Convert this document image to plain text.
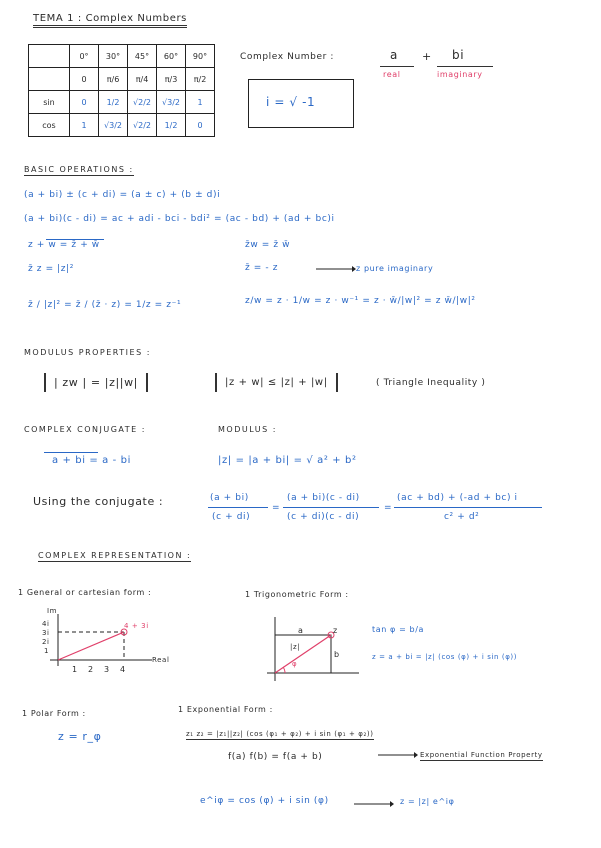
TEMA 1 : Complex Numbers
	0°	30°	45°	60°	90°
	0	π/6	π/4	π/3	π/2
sin	0	1/2	√2/2	√3/2	1
cos	1	√3/2	√2/2	1/2	0
Complex Number :	a + bi
real	imaginary
i = √ -1
BASIC OPERATIONS :
(a + bi) ± (c + di) = (a ± c) + (b ± d)i
(a + bi)(c - di) = ac + adi - bci - bdi² = (ac - bd) + (ad + bc)i
z + w = z̄ + w̄	z̄w = z̄ w̄
z̄ z = |z|²	z̄ = - z	z pure imaginary
z̄ / |z|² = z̄ / (z̄ · z) = 1/z = z⁻¹	z/w = z · 1/w = z · w⁻¹ = z · w̄/|w|² = z w̄/|w|²
MODULUS PROPERTIES :
| zw | = |z||w|	|z + w| ≤ |z| + |w|	( Triangle Inequality )
COMPLEX CONJUGATE :
a + bi = a - bi
MODULUS :
|z| = |a + bi| = √ a² + b²
Using the conjugate :	(a + bi)
(c + di)
=
(a + bi)(c - di)
(c + di)(c - di)
=
(ac + bd) + (-ad + bc) i
c² + d²
COMPLEX REPRESENTATION :
1 General or cartesian form :	1 Trigonometric Form :
Im
Real
4 + 3i
4i
3i
2i
1
1 2 3 4
a
b
z
|z|
φ
tan φ = b/a
z = a + bi = |z| (cos (φ) + i sin (φ))
1 Polar Form :
z = r_φ
1 Exponential Form :
z₁ z₂ = |z₁||z₂| (cos (φ₁ + φ₂) + i sin (φ₁ + φ₂))
f(a) f(b) = f(a + b)	Exponential Function Property
e^iφ = cos (φ) + i sin (φ)	z = |z| e^iφ
